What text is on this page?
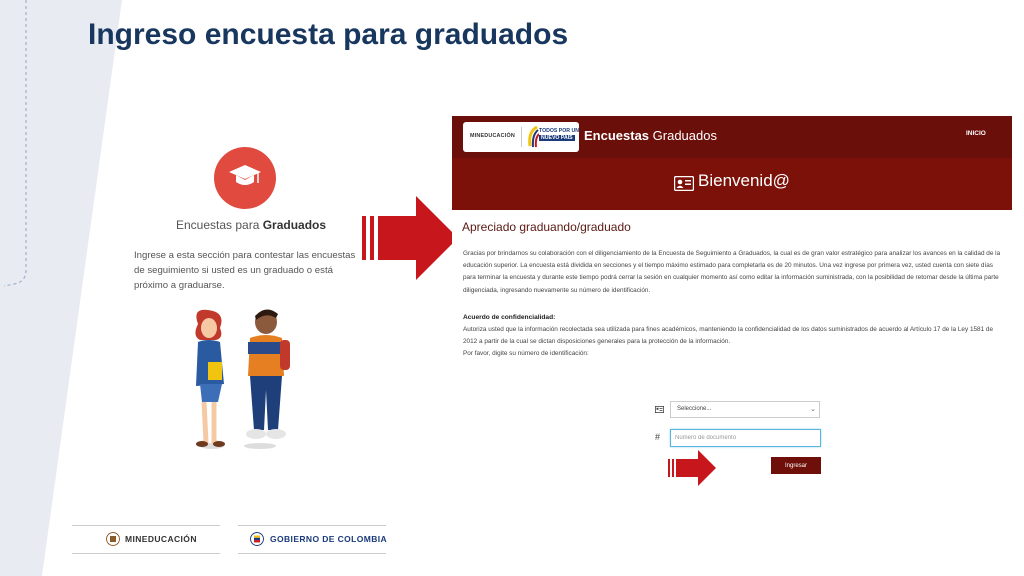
Ingreso encuesta para graduados
Encuestas para Graduados

Ingrese a esta sección para contestar las encuestas de seguimiento si usted es un graduado o está próximo a graduarse.

MINEDUCACIÓN
TODOS POR UN
NUEVO PAÍS Encuestas Graduados	INICIO
Bienvenid@
Apreciado graduando/graduado

Gracias por brindarnos su colaboración con el diligenciamiento de la Encuesta de Seguimiento a Graduados, la cual es de gran valor estratégico para analizar los avances en la calidad de la educación superior. La encuesta está dividida en secciones y el tiempo máximo estimado para completarla es de 20 minutos. Una vez ingrese por primera vez, usted cuenta con siete días para terminar la encuesta y durante este tiempo podrá cerrar la sesión en cualquier momento así como editar la información suministrada, con la posibilidad de retomar desde la última parte diligenciada, ingresando nuevamente su número de identificación.

Acuerdo de confidencialidad:

Autoriza usted que la información recolectada sea utilizada para fines académicos, manteniendo la confidencialidad de los datos suministrados de acuerdo al Artículo 17 de la Ley 1581 de 2012 a partir de la cual se dictan disposiciones generales para la protección de la información.
Por favor, digite su número de identificación:

Seleccione...	⌄
#
Número de documento
Ingresar
MINEDUCACIÓN	GOBIERNO DE COLOMBIA
